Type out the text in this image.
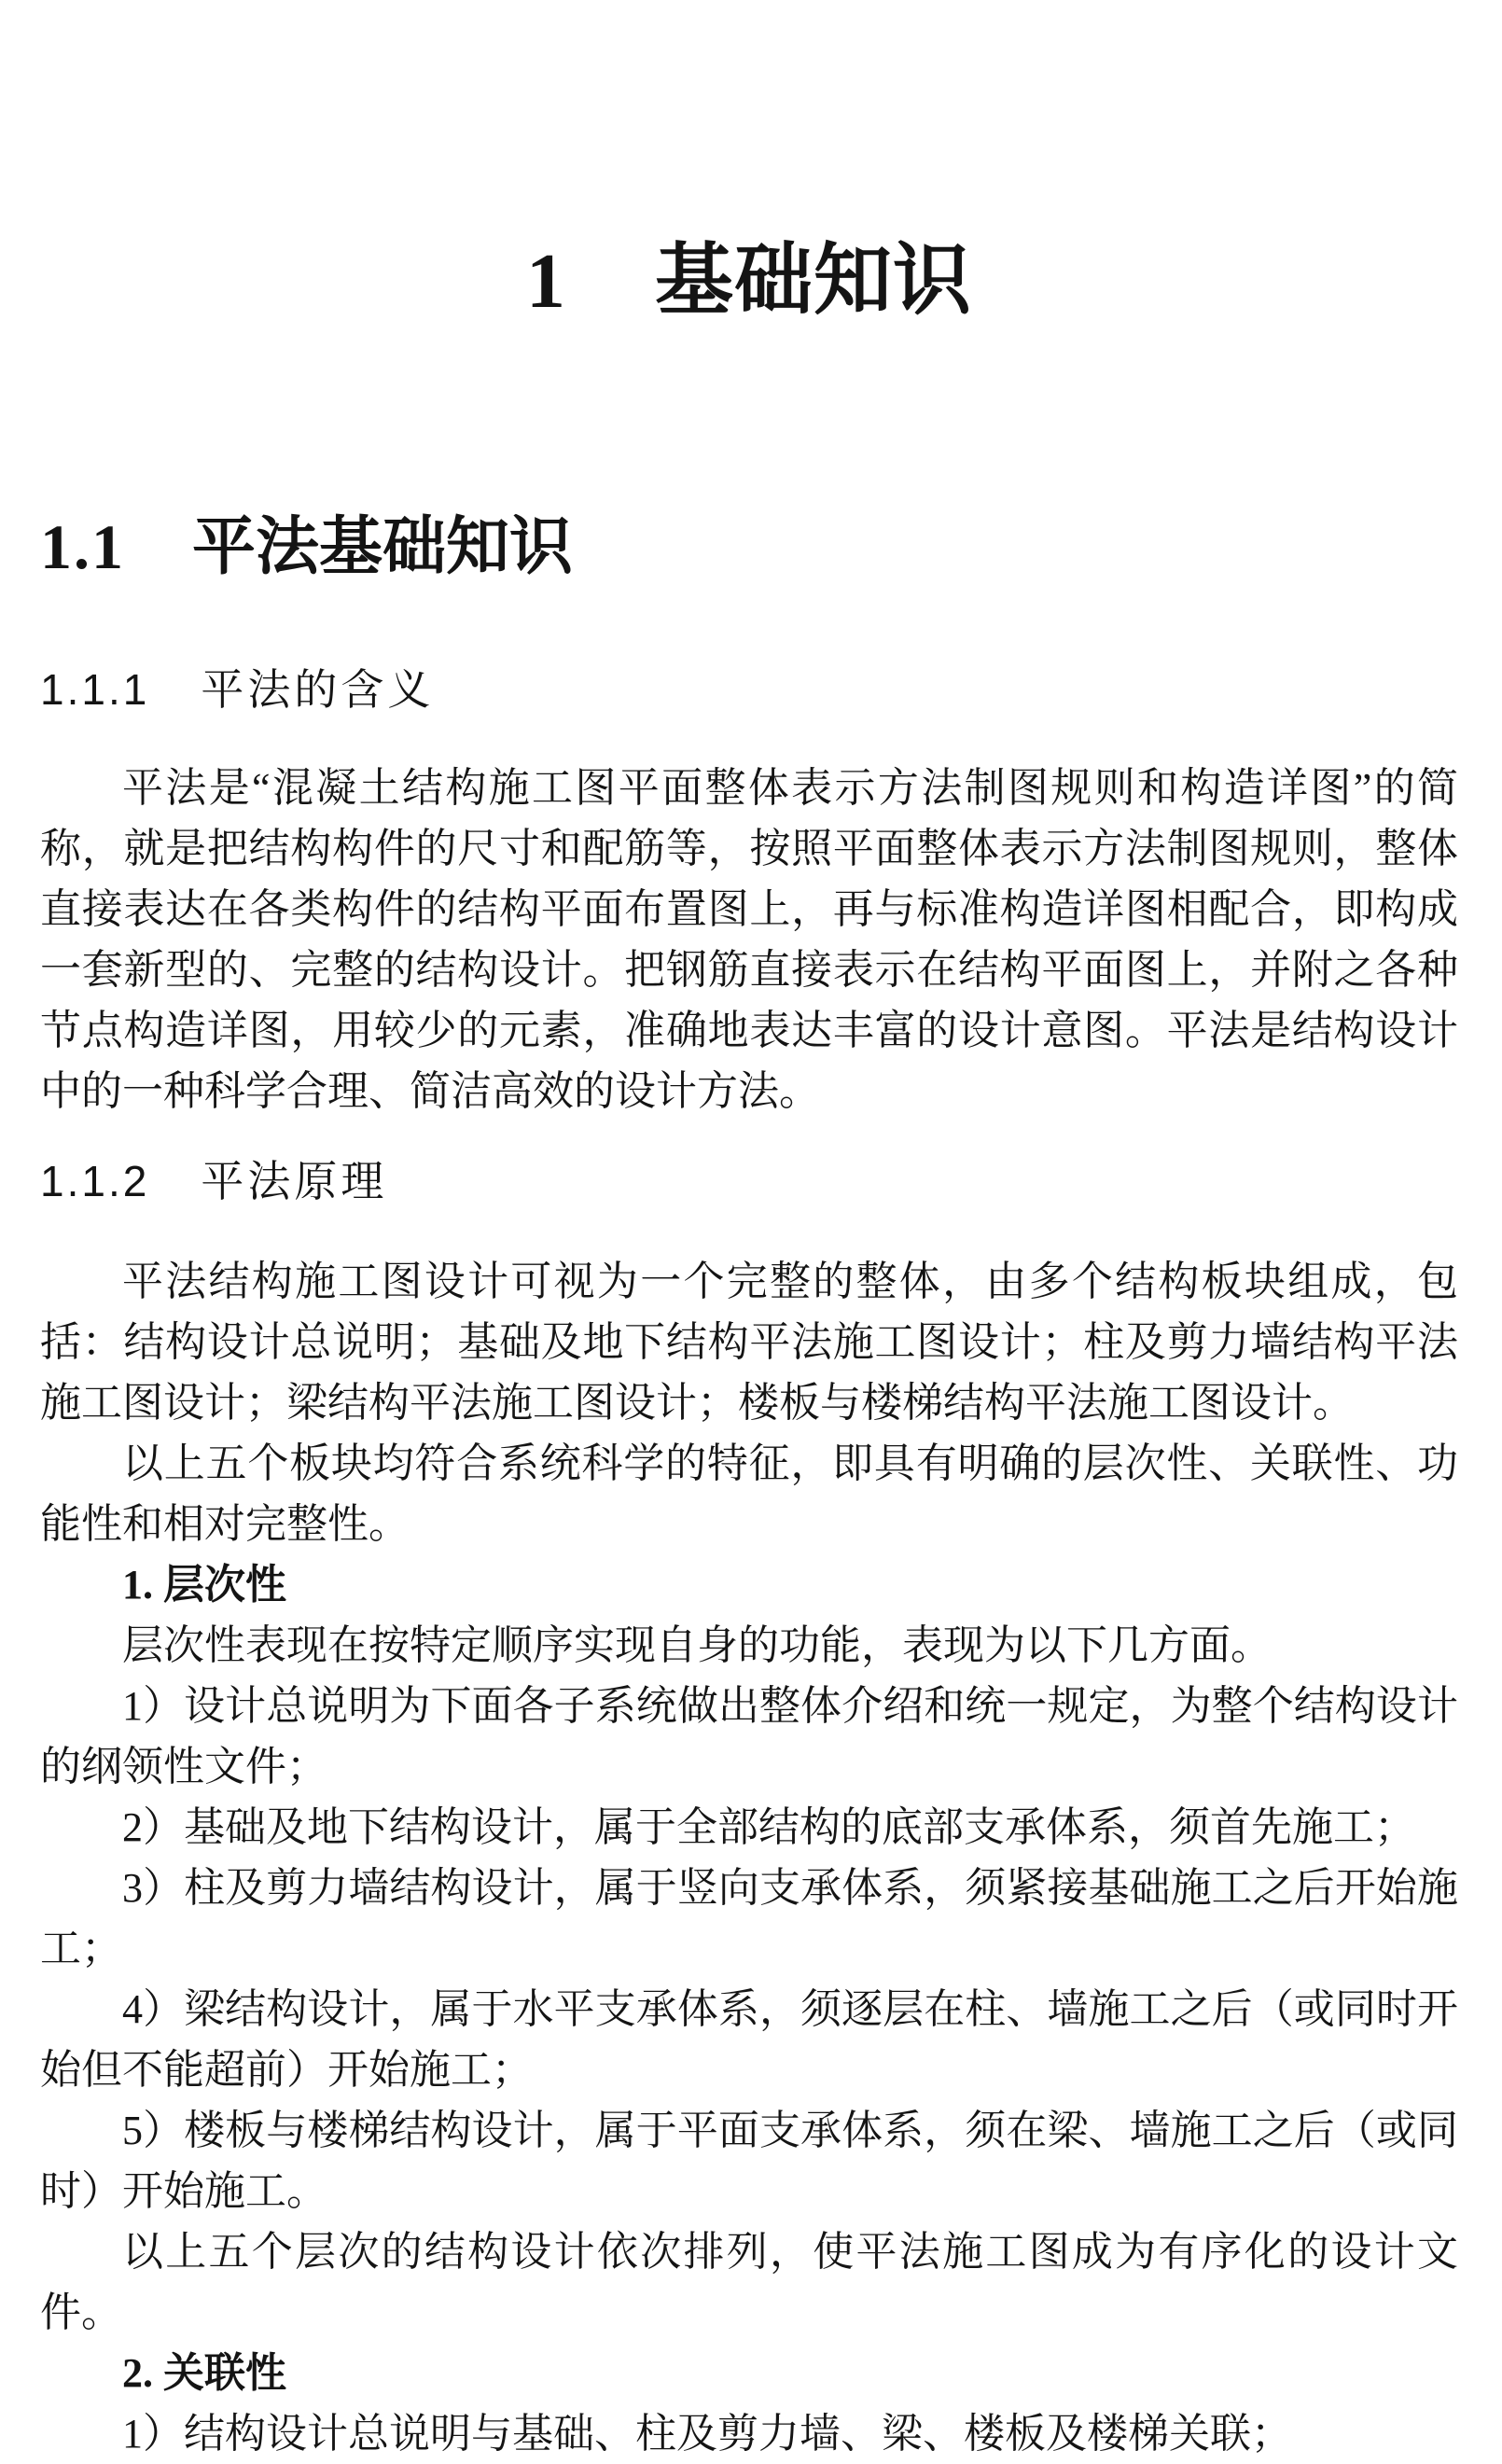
1 基础知识
1.1 平法基础知识
1.1.1 平法的含义

平法是“混凝土结构施工图平面整体表示方法制图规则和构造详图”的简称，就是把结构构件的尺寸和配筋等，按照平面整体表示方法制图规则，整体直接表达在各类构件的结构平面布置图上，再与标准构造详图相配合，即构成一套新型的、完整的结构设计。把钢筋直接表示在结构平面图上，并附之各种节点构造详图，用较少的元素，准确地表达丰富的设计意图。平法是结构设计中的一种科学合理、简洁高效的设计方法。

1.1.2 平法原理

平法结构施工图设计可视为一个完整的整体，由多个结构板块组成，包括：结构设计总说明；基础及地下结构平法施工图设计；柱及剪力墙结构平法施工图设计；梁结构平法施工图设计；楼板与楼梯结构平法施工图设计。

以上五个板块均符合系统科学的特征，即具有明确的层次性、关联性、功能性和相对完整性。

1. 层次性

层次性表现在按特定顺序实现自身的功能，表现为以下几方面。

1）设计总说明为下面各子系统做出整体介绍和统一规定，为整个结构设计的纲领性文件；

2）基础及地下结构设计，属于全部结构的底部支承体系，须首先施工；

3）柱及剪力墙结构设计，属于竖向支承体系，须紧接基础施工之后开始施工；

4）梁结构设计，属于水平支承体系，须逐层在柱、墙施工之后（或同时开始但不能超前）开始施工；

5）楼板与楼梯结构设计，属于平面支承体系，须在梁、墙施工之后（或同时）开始施工。

以上五个层次的结构设计依次排列，使平法施工图成为有序化的设计文件。

2. 关联性

1）结构设计总说明与基础、柱及剪力墙、梁、楼板及楼梯关联；
